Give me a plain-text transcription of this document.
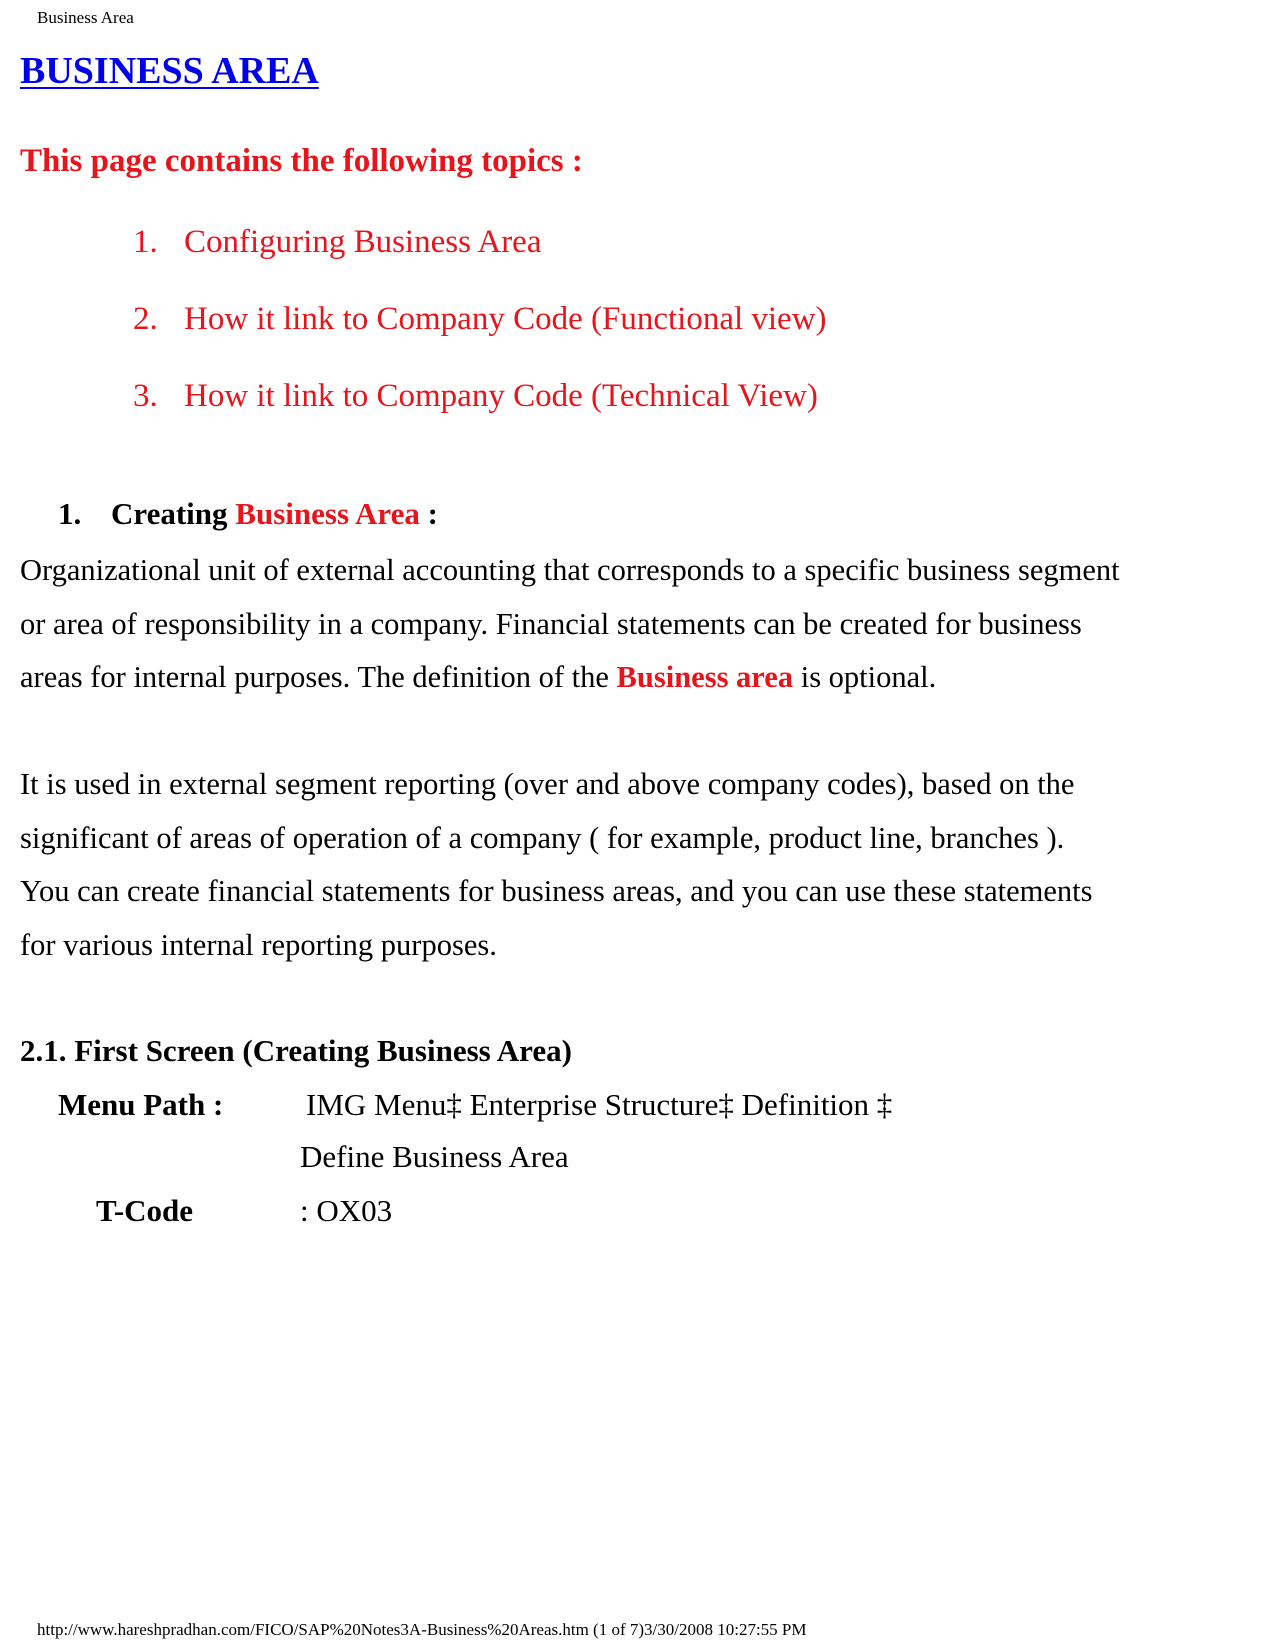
Business Area
BUSINESS AREA
This page contains the following topics :
1. Configuring Business Area
2. How it link to Company Code (Functional view)
3. How it link to Company Code (Technical View)
1. Creating Business Area :

Organizational unit of external accounting that corresponds to a specific business segment
or area of responsibility in a company. Financial statements can be created for business
areas for internal purposes. The definition of the Business area is optional.

It is used in external segment reporting (over and above company codes), based on the
significant of areas of operation of a company ( for example, product line, branches ).
You can create financial statements for business areas, and you can use these statements
for various internal reporting purposes.

2.1. First Screen (Creating Business Area)
Menu Path :	IMG Menu‡ Enterprise Structure‡ Definition ‡
Define Business Area
T-Code	: OX03
http://www.hareshpradhan.com/FICO/SAP%20Notes3A-Business%20Areas.htm (1 of 7)3/30/2008 10:27:55 PM
